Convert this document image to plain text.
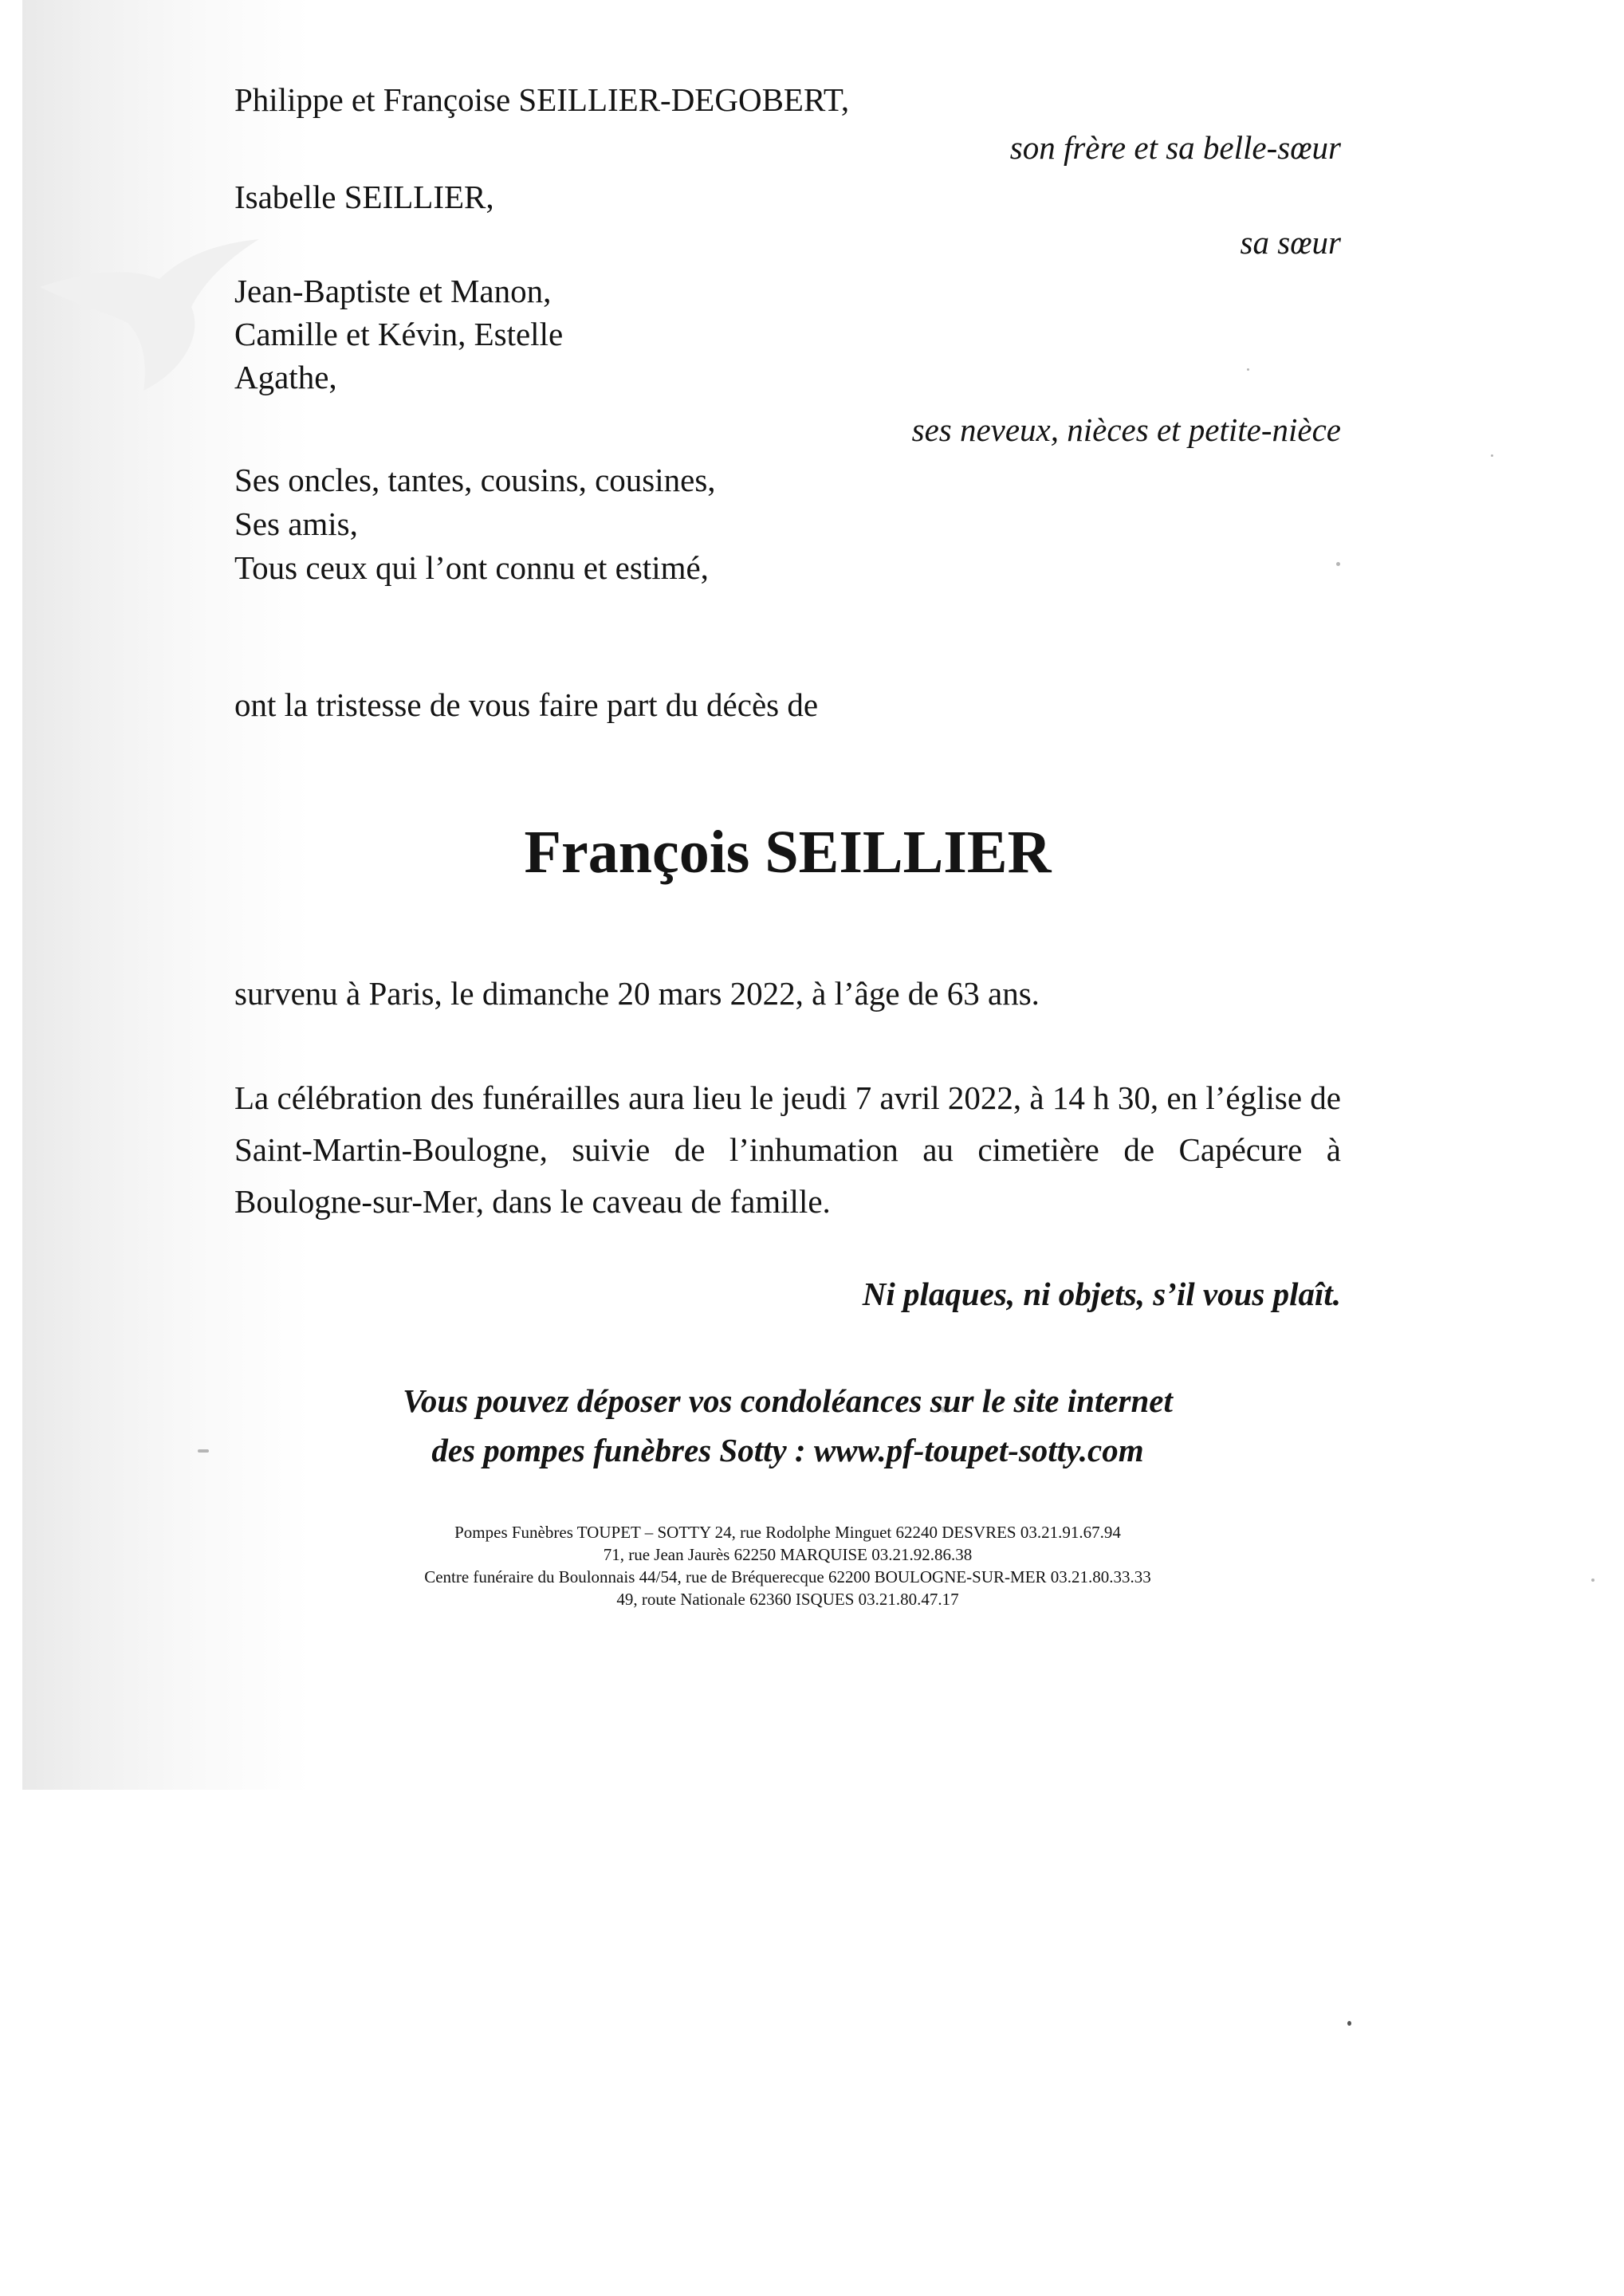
Philippe et Françoise SEILLIER-DEGOBERT,
son frère et sa belle-sœur
Isabelle SEILLIER,
sa sœur
Jean-Baptiste et Manon,
Camille et Kévin, Estelle
Agathe,
ses neveux, nièces et petite-nièce
Ses oncles, tantes, cousins, cousines,
Ses amis,
Tous ceux qui l’ont connu et estimé,
ont la tristesse de vous faire part du décès de
François SEILLIER
survenu à Paris, le dimanche 20 mars 2022, à l’âge de 63 ans.
La célébration des funérailles aura lieu le jeudi 7 avril 2022, à 14 h 30, en l’église de Saint-Martin-Boulogne, suivie de l’inhumation au cimetière de Capécure à Boulogne-sur-Mer, dans le caveau de famille.
Ni plaques, ni objets, s’il vous plaît.
Vous pouvez déposer vos condoléances sur le site internet
des pompes funèbres Sotty : www.pf-toupet-sotty.com
Pompes Funèbres TOUPET – SOTTY 24, rue Rodolphe Minguet 62240 DESVRES 03.21.91.67.94
71, rue Jean Jaurès 62250 MARQUISE 03.21.92.86.38
Centre funéraire du Boulonnais 44/54, rue de Bréquerecque 62200 BOULOGNE-SUR-MER 03.21.80.33.33
49, route Nationale 62360 ISQUES 03.21.80.47.17
